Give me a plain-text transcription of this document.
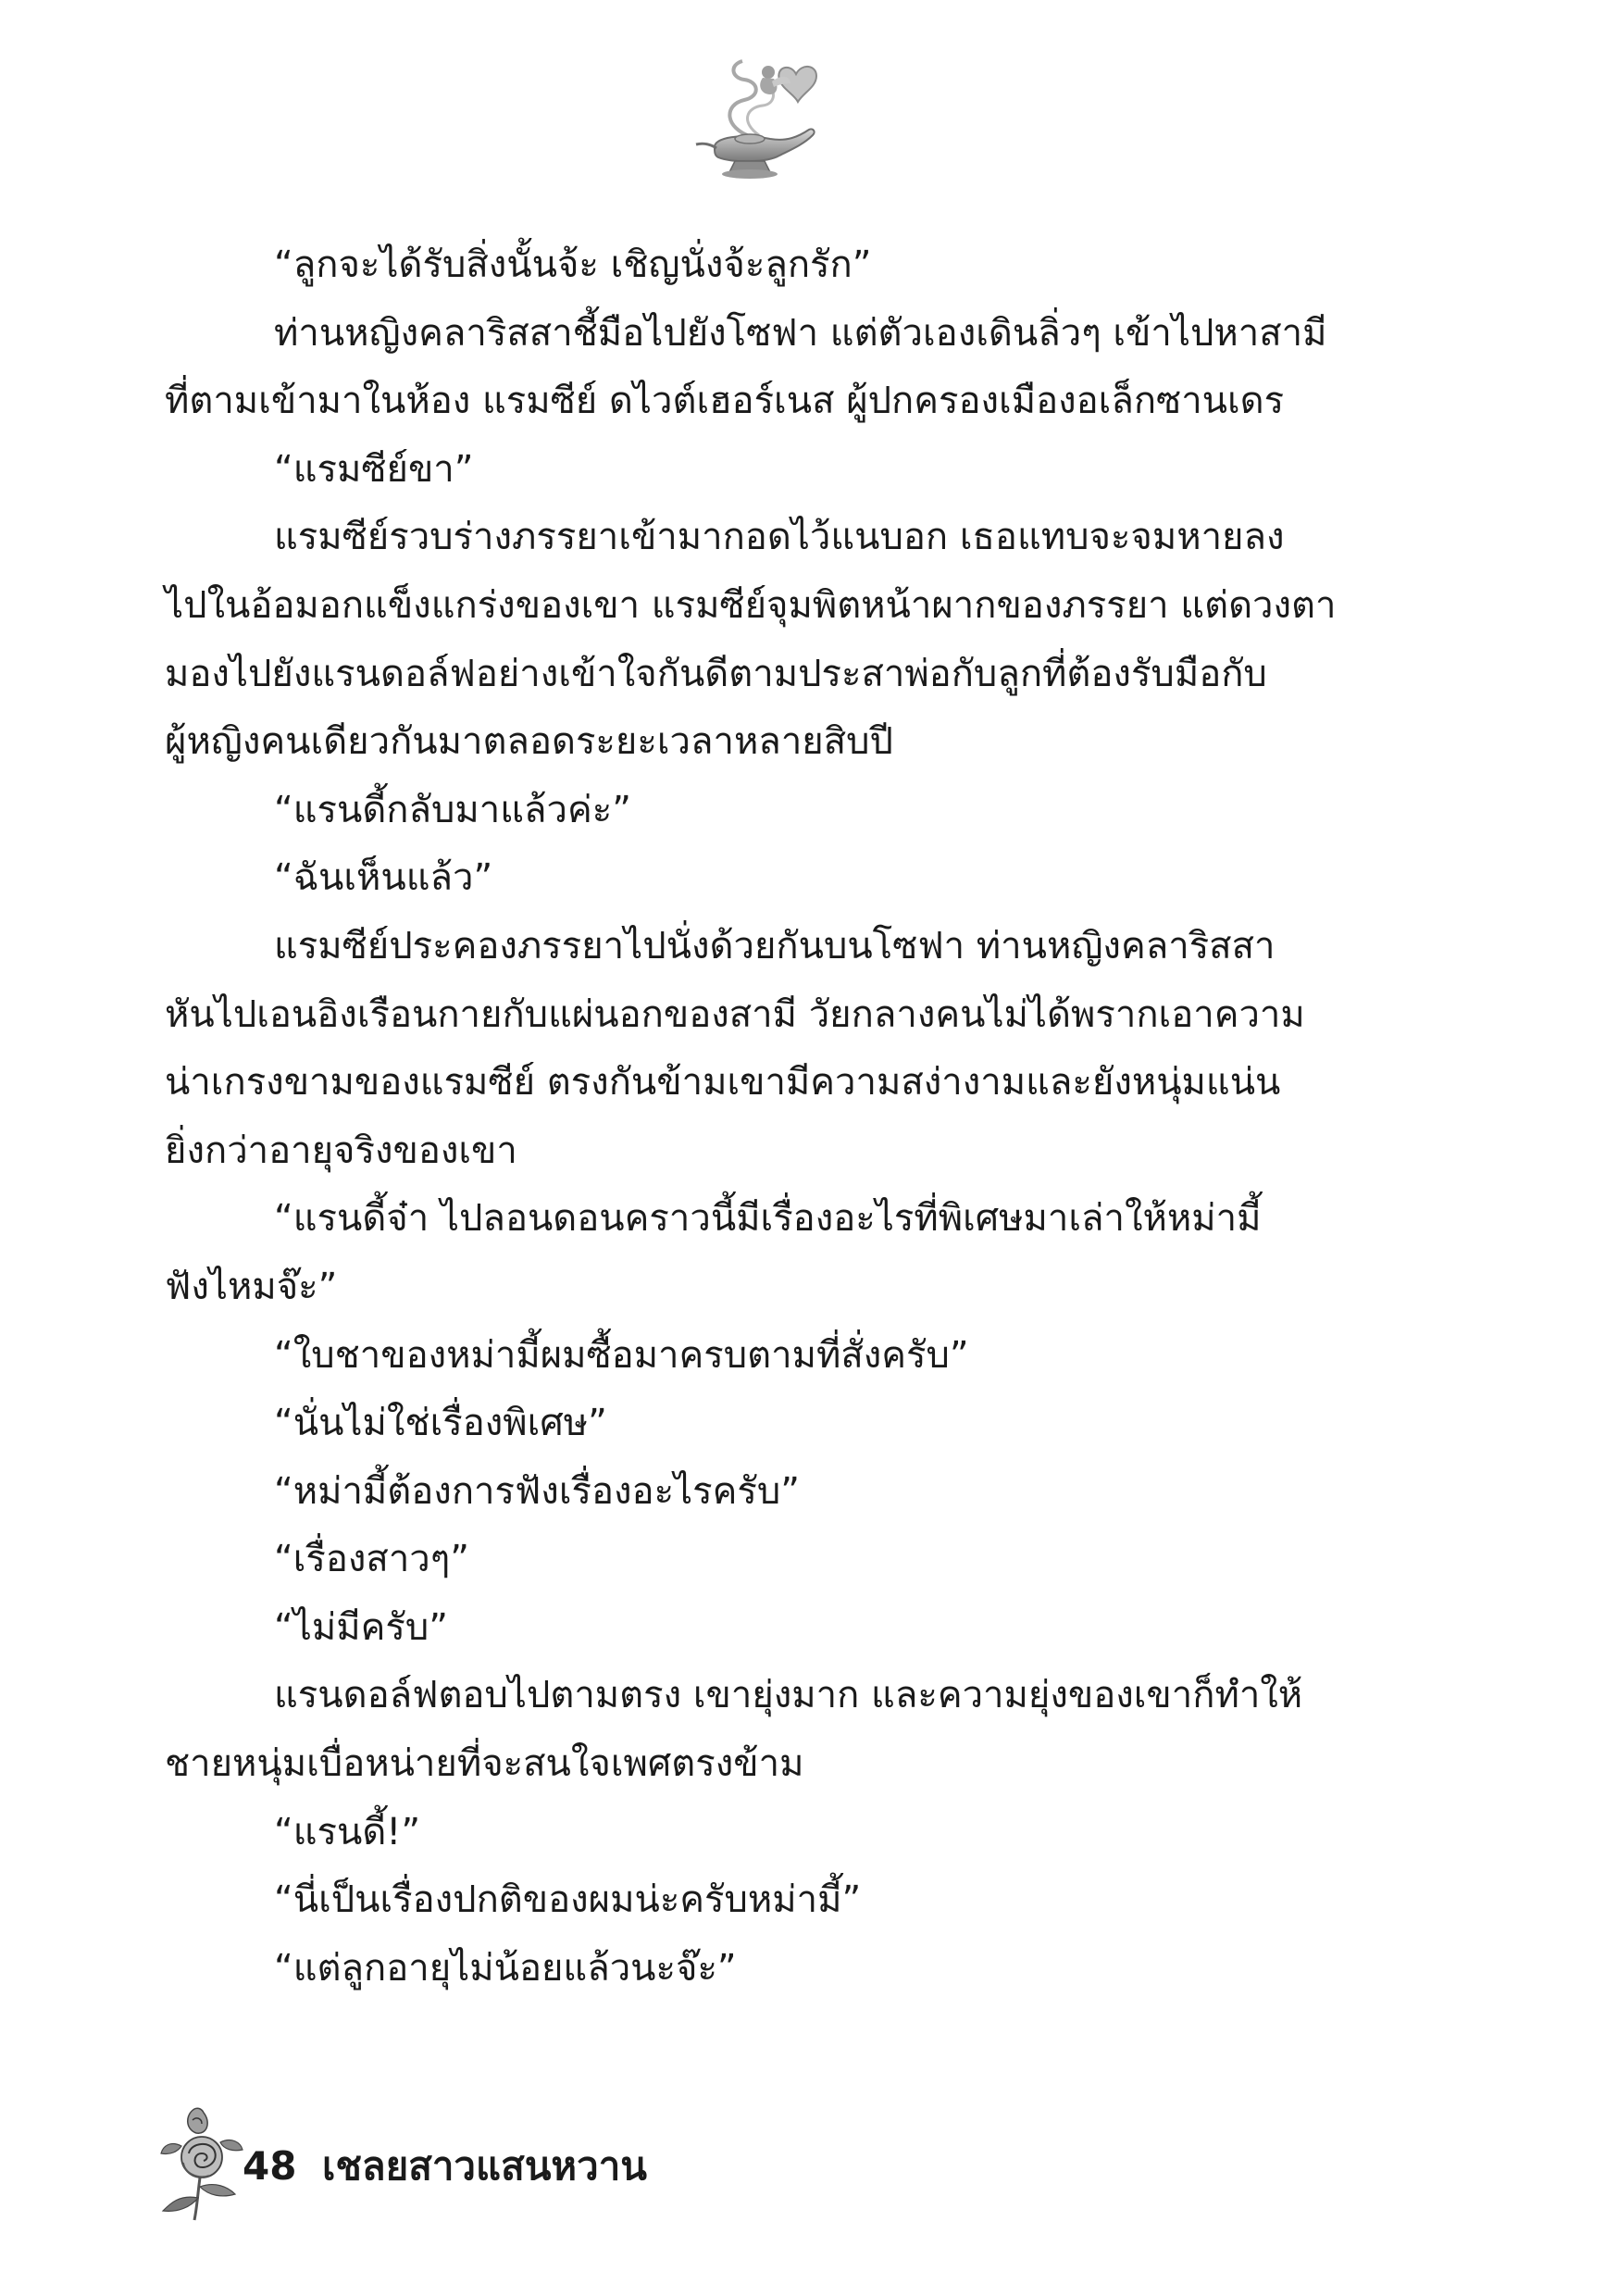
“ลูกจะได้รับสิ่งนั้นจ้ะ เชิญนั่งจ้ะลูกรัก”
ท่านหญิงคลาริสสาชี้มือไปยังโซฟา แต่ตัวเองเดินลิ่วๆ เข้าไปหาสามี
ที่ตามเข้ามาในห้อง แรมซีย์ ดไวต์เฮอร์เนส ผู้ปกครองเมืองอเล็กซานเดร
“แรมซีย์ขา”
แรมซีย์รวบร่างภรรยาเข้ามากอดไว้แนบอก เธอแทบจะจมหายลง
ไปในอ้อมอกแข็งแกร่งของเขา แรมซีย์จุมพิตหน้าผากของภรรยา แต่ดวงตา
มองไปยังแรนดอล์ฟอย่างเข้าใจกันดีตามประสาพ่อกับลูกที่ต้องรับมือกับ
ผู้หญิงคนเดียวกันมาตลอดระยะเวลาหลายสิบปี
“แรนดี้กลับมาแล้วค่ะ”
“ฉันเห็นแล้ว”
แรมซีย์ประคองภรรยาไปนั่งด้วยกันบนโซฟา ท่านหญิงคลาริสสา
หันไปเอนอิงเรือนกายกับแผ่นอกของสามี วัยกลางคนไม่ได้พรากเอาความ
น่าเกรงขามของแรมซีย์ ตรงกันข้ามเขามีความสง่างามและยังหนุ่มแน่น
ยิ่งกว่าอายุจริงของเขา
“แรนดี้จ๋า ไปลอนดอนคราวนี้มีเรื่องอะไรที่พิเศษมาเล่าให้หม่ามี้
ฟังไหมจ๊ะ”
“ใบชาของหม่ามี้ผมซื้อมาครบตามที่สั่งครับ”
“นั่นไม่ใช่เรื่องพิเศษ”
“หม่ามี้ต้องการฟังเรื่องอะไรครับ”
“เรื่องสาวๆ”
“ไม่มีครับ”
แรนดอล์ฟตอบไปตามตรง เขายุ่งมาก และความยุ่งของเขาก็ทำให้
ชายหนุ่มเบื่อหน่ายที่จะสนใจเพศตรงข้าม
“แรนดี้!”
“นี่เป็นเรื่องปกติของผมน่ะครับหม่ามี้”
“แต่ลูกอายุไม่น้อยแล้วนะจ๊ะ”
48 เชลยสาวแสนหวาน
